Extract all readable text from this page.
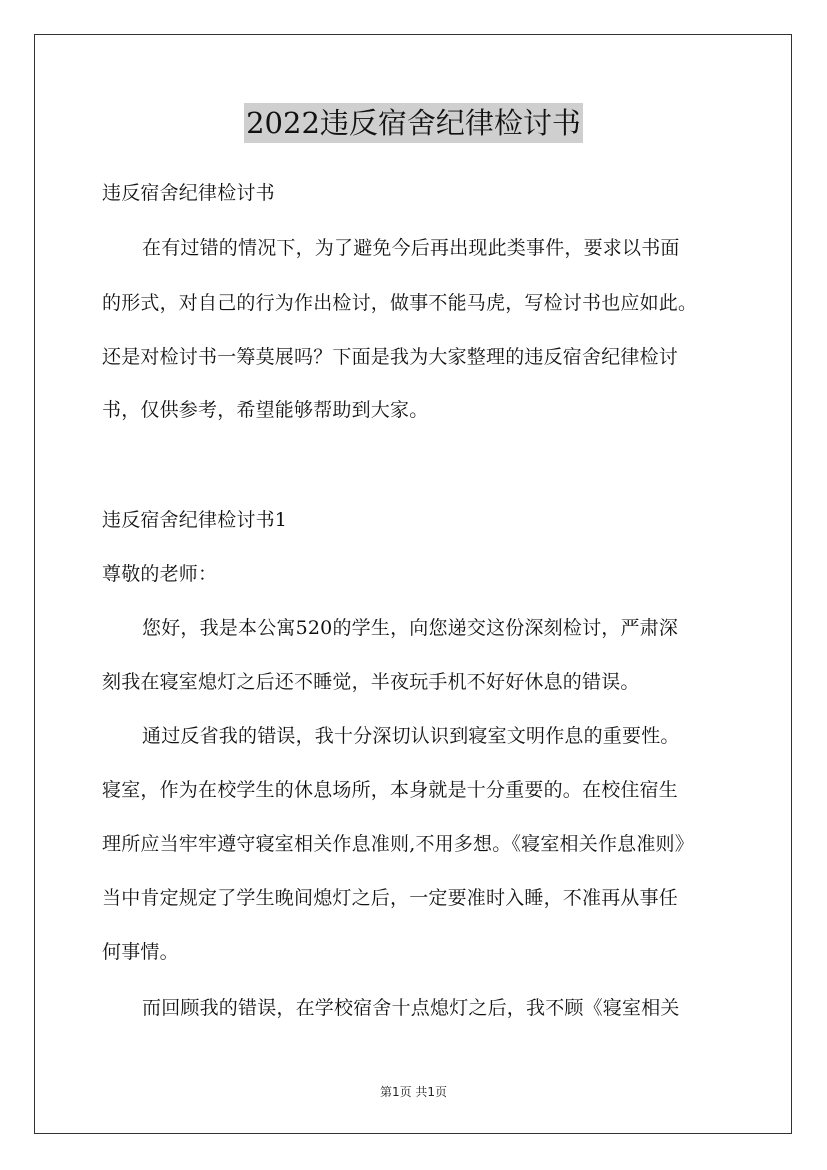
2022违反宿舍纪律检讨书
违反宿舍纪律检讨书
在有过错的情况下，为了避免今后再出现此类事件，要求以书面
的形式，对自己的行为作出检讨，做事不能马虎，写检讨书也应如此。
还是对检讨书一筹莫展吗？下面是我为大家整理的违反宿舍纪律检讨
书，仅供参考，希望能够帮助到大家。
违反宿舍纪律检讨书1
尊敬的老师：
您好，我是本公寓520的学生，向您递交这份深刻检讨，严肃深
刻我在寝室熄灯之后还不睡觉，半夜玩手机不好好休息的错误。
通过反省我的错误，我十分深切认识到寝室文明作息的重要性。
寝室，作为在校学生的休息场所，本身就是十分重要的。在校住宿生
理所应当牢牢遵守寝室相关作息准则,不用多想。《寝室相关作息准则》
当中肯定规定了学生晚间熄灯之后，一定要准时入睡，不准再从事任
何事情。
而回顾我的错误，在学校宿舍十点熄灯之后，我不顾《寝室相关
第1页 共1页
